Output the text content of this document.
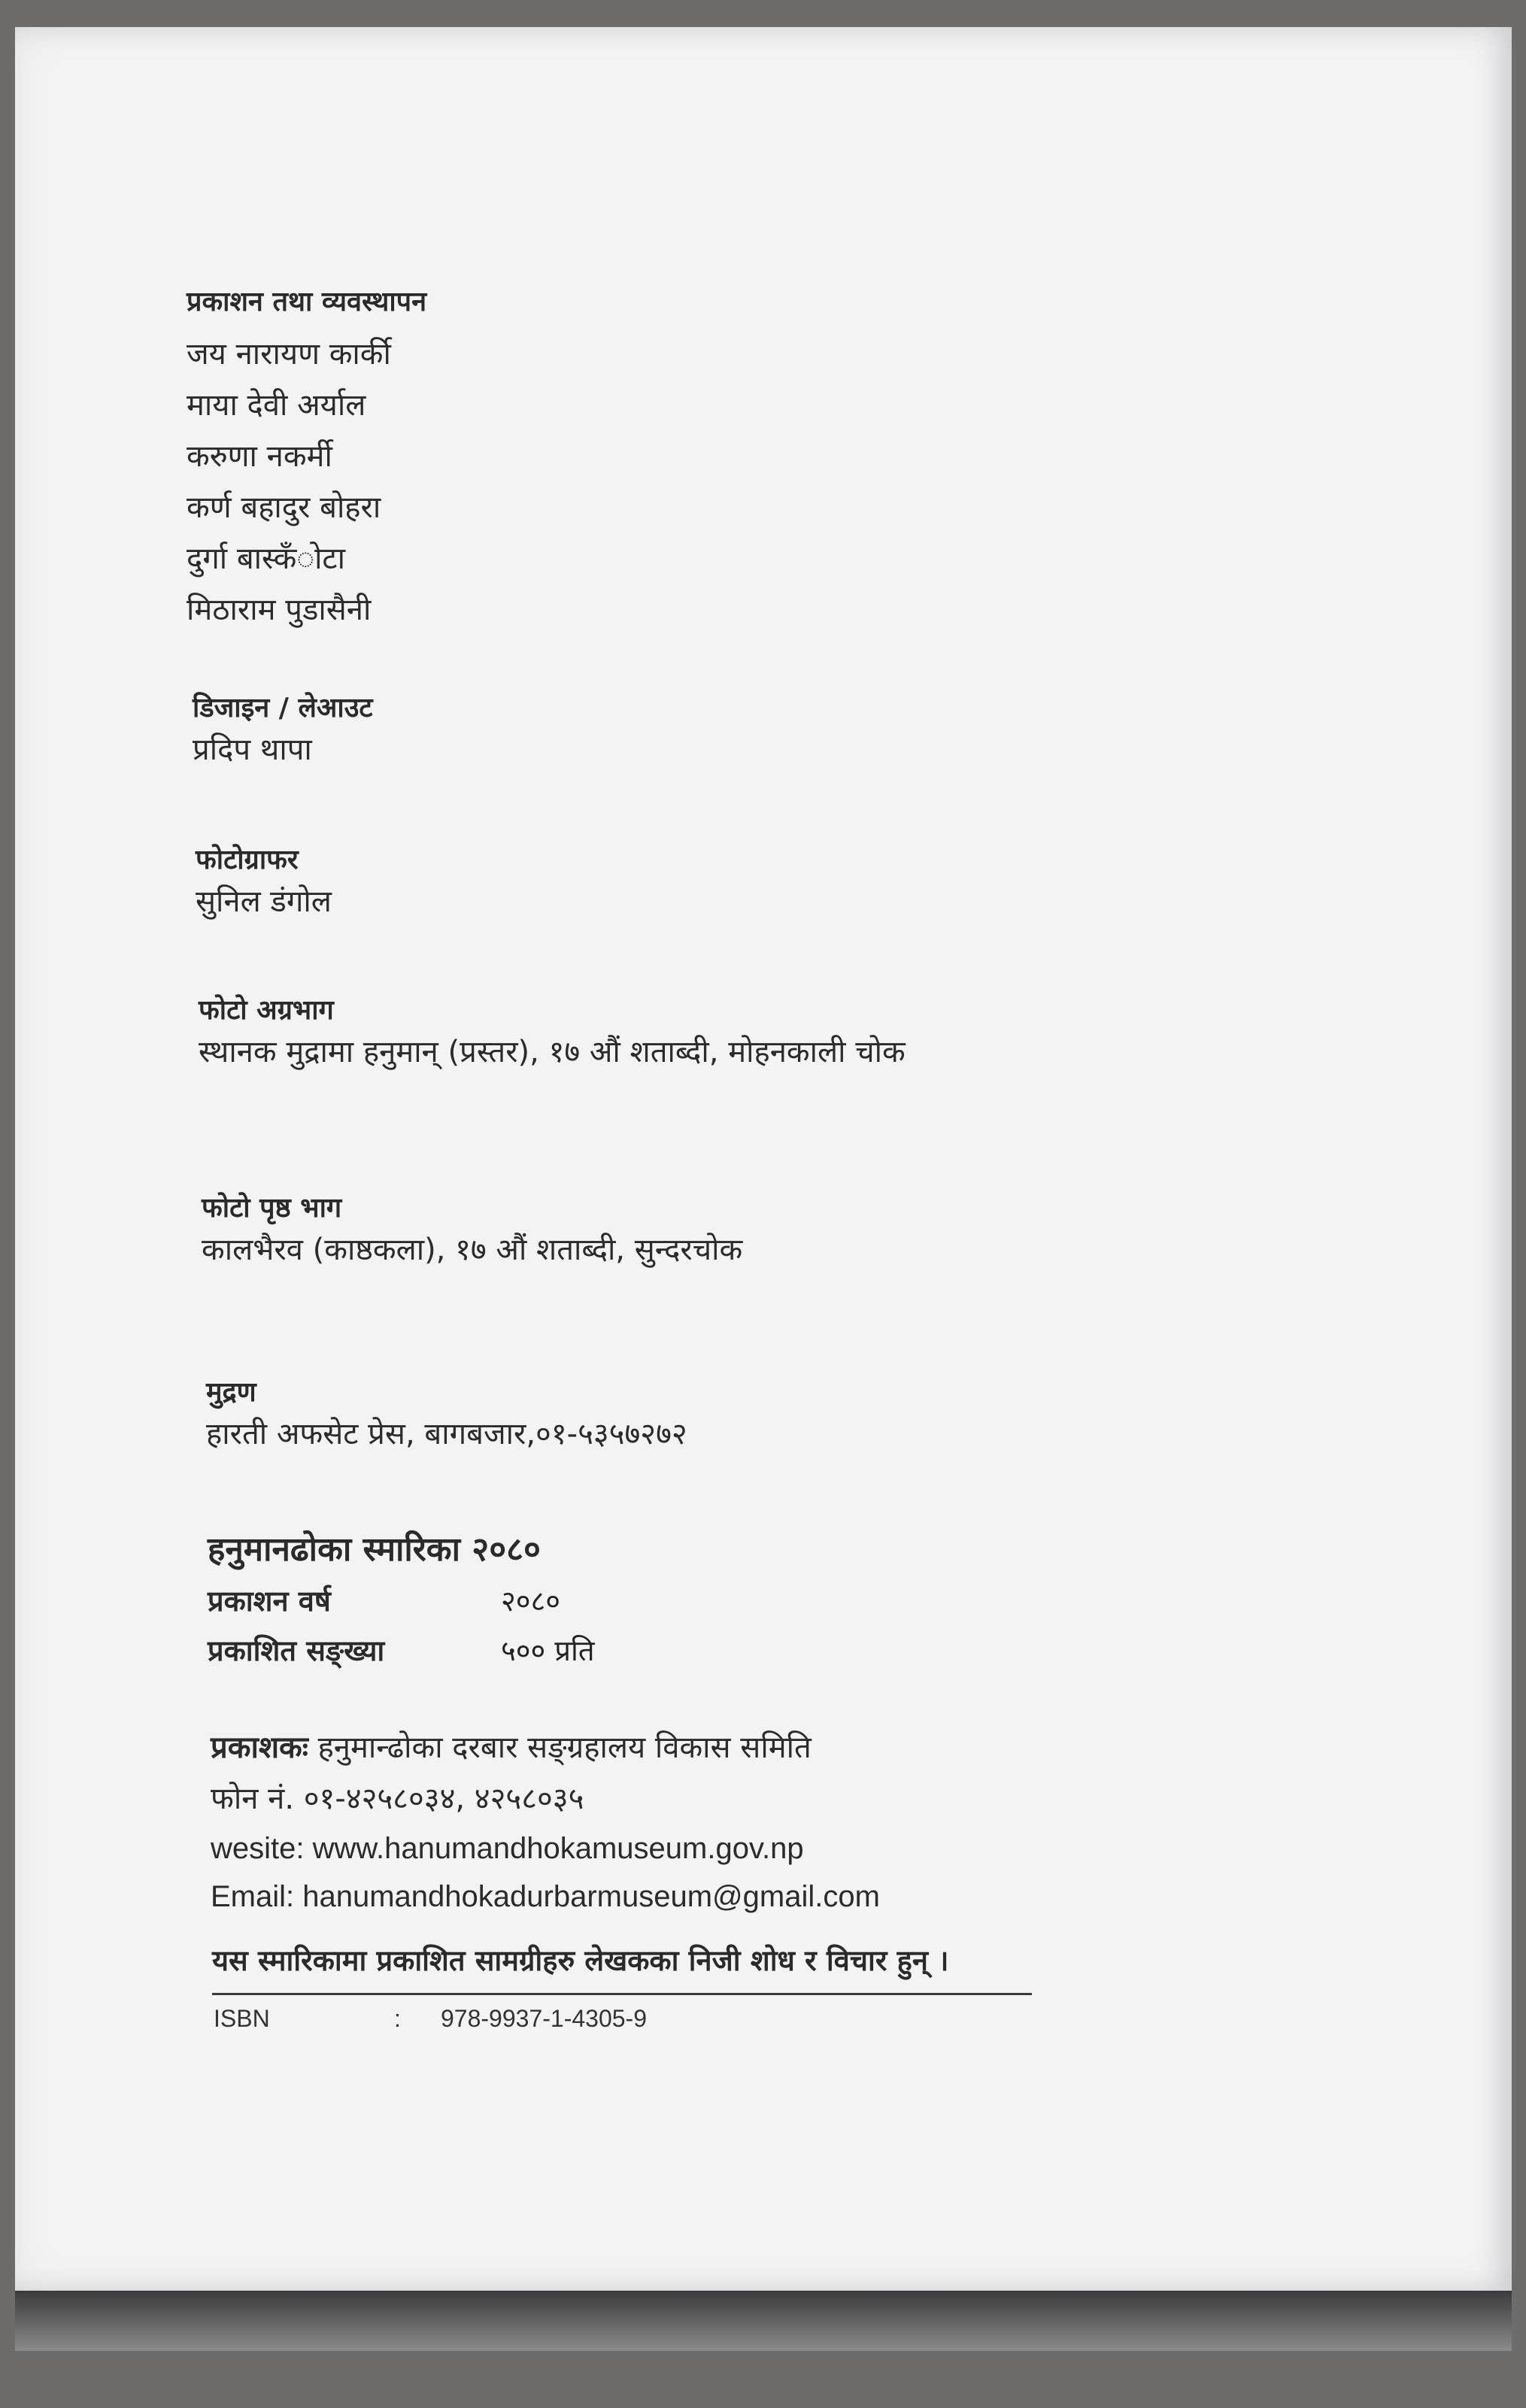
प्रकाशन तथा व्यवस्थापन
जय नारायण कार्की
माया देवी अर्याल
करुणा नकर्मी
कर्ण बहादुर बोहरा
दुर्गा बास्कँोटा
मिठाराम पुडासैनी
डिजाइन / लेआउट
प्रदिप थापा
फोटोग्राफर
सुनिल डंगोल
फोटो अग्रभाग
स्थानक मुद्रामा हनुमान् (प्रस्तर), १७ औं शताब्दी, मोहनकाली चोक
फोटो पृष्ठ भाग
कालभैरव (काष्ठकला), १७ औं शताब्दी, सुन्दरचोक
मुद्रण
हारती अफसेट प्रेस, बागबजार,०१-५३५७२७२
हनुमानढोका स्मारिका २०८०
प्रकाशन वर्ष	२०८०
प्रकाशित सङ्ख्या	५०० प्रति
प्रकाशकः हनुमान्ढोका दरबार सङ्ग्रहालय विकास समिति
फोन नं. ०१-४२५८०३४, ४२५८०३५
wesite: www.hanumandhokamuseum.gov.np
Email: hanumandhokadurbarmuseum@gmail.com
यस स्मारिकामा प्रकाशित सामग्रीहरु लेखकका निजी शोध र विचार हुन् ।
ISBN	:	978-9937-1-4305-9
